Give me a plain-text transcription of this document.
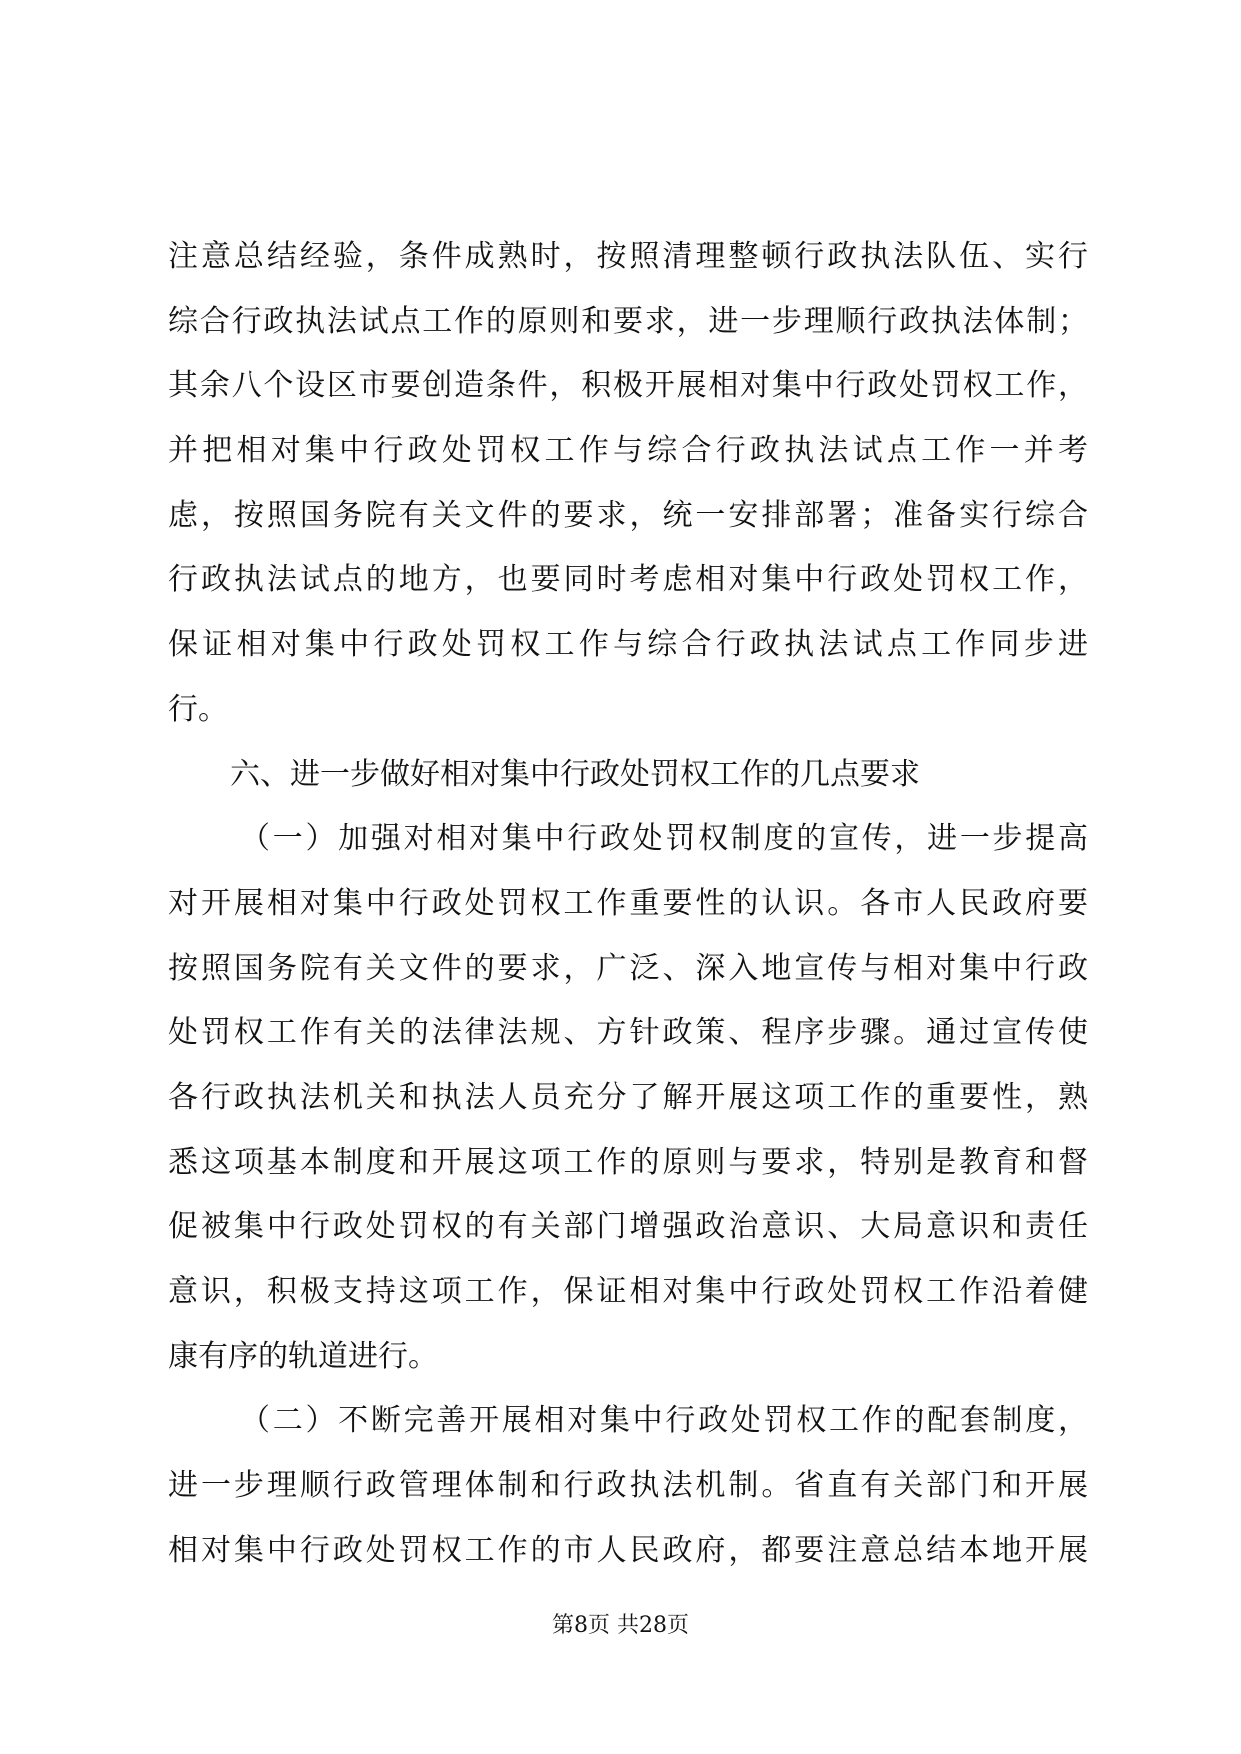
注意总结经验，条件成熟时，按照清理整顿行政执法队伍、实行
综合行政执法试点工作的原则和要求，进一步理顺行政执法体制；
其余八个设区市要创造条件，积极开展相对集中行政处罚权工作，
并把相对集中行政处罚权工作与综合行政执法试点工作一并考
虑，按照国务院有关文件的要求，统一安排部署；准备实行综合
行政执法试点的地方，也要同时考虑相对集中行政处罚权工作，
保证相对集中行政处罚权工作与综合行政执法试点工作同步进
行。
六、进一步做好相对集中行政处罚权工作的几点要求
（一）加强对相对集中行政处罚权制度的宣传，进一步提高
对开展相对集中行政处罚权工作重要性的认识。各市人民政府要
按照国务院有关文件的要求，广泛、深入地宣传与相对集中行政
处罚权工作有关的法律法规、方针政策、程序步骤。通过宣传使
各行政执法机关和执法人员充分了解开展这项工作的重要性，熟
悉这项基本制度和开展这项工作的原则与要求，特别是教育和督
促被集中行政处罚权的有关部门增强政治意识、大局意识和责任
意识，积极支持这项工作，保证相对集中行政处罚权工作沿着健
康有序的轨道进行。
（二）不断完善开展相对集中行政处罚权工作的配套制度，
进一步理顺行政管理体制和行政执法机制。省直有关部门和开展
相对集中行政处罚权工作的市人民政府，都要注意总结本地开展
第8页 共28页
